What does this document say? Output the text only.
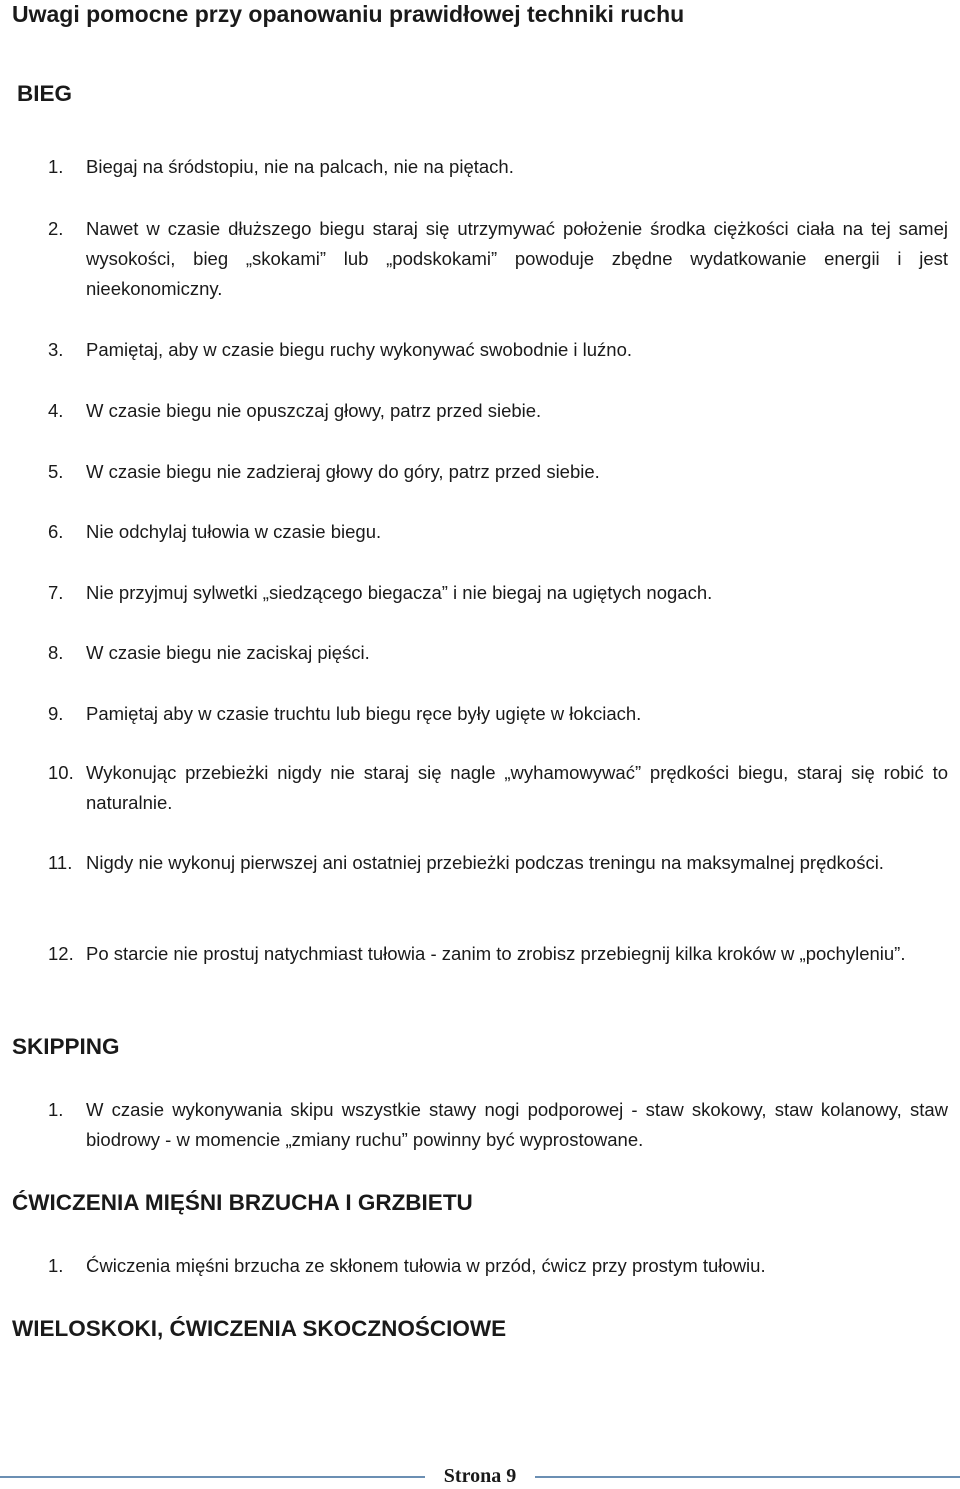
Uwagi pomocne przy opanowaniu prawidłowej techniki ruchu
BIEG
1.	Biegaj na śródstopiu, nie na palcach, nie na piętach.
2.	Nawet w czasie dłuższego biegu staraj się utrzymywać położenie środka ciężkości ciała na tej samej wysokości, bieg „skokami” lub „podskokami” powoduje zbędne wydatkowanie energii i jest nieekonomiczny.
3.	Pamiętaj, aby w czasie biegu ruchy wykonywać swobodnie i luźno.
4.	W czasie biegu nie opuszczaj głowy, patrz przed siebie.
5.	W czasie biegu nie zadzieraj głowy do góry, patrz przed siebie.
6.	Nie odchylaj tułowia w czasie biegu.
7.	Nie przyjmuj sylwetki „siedzącego biegacza” i nie biegaj na ugiętych nogach.
8.	W czasie biegu nie zaciskaj pięści.
9.	Pamiętaj aby w czasie truchtu lub biegu ręce były ugięte w łokciach.
10. Wykonując przebieżki nigdy nie staraj się nagle „wyhamowywać” prędkości biegu, staraj się robić to naturalnie.
11. Nigdy nie wykonuj pierwszej ani ostatniej przebieżki podczas treningu na maksymalnej prędkości.
12. Po starcie nie prostuj natychmiast tułowia - zanim to zrobisz przebiegnij kilka kroków w „pochyleniu”.
SKIPPING
1.	W czasie wykonywania skipu wszystkie stawy nogi podporowej - staw skokowy, staw kolanowy, staw biodrowy - w momencie „zmiany ruchu” powinny być wyprostowane.
ĆWICZENIA MIĘŚNI BRZUCHA I GRZBIETU
1.	Ćwiczenia mięśni brzucha ze skłonem tułowia w przód, ćwicz przy prostym tułowiu.
WIELOSKOKI, ĆWICZENIA SKOCZNOŚCIOWE
Strona 9
